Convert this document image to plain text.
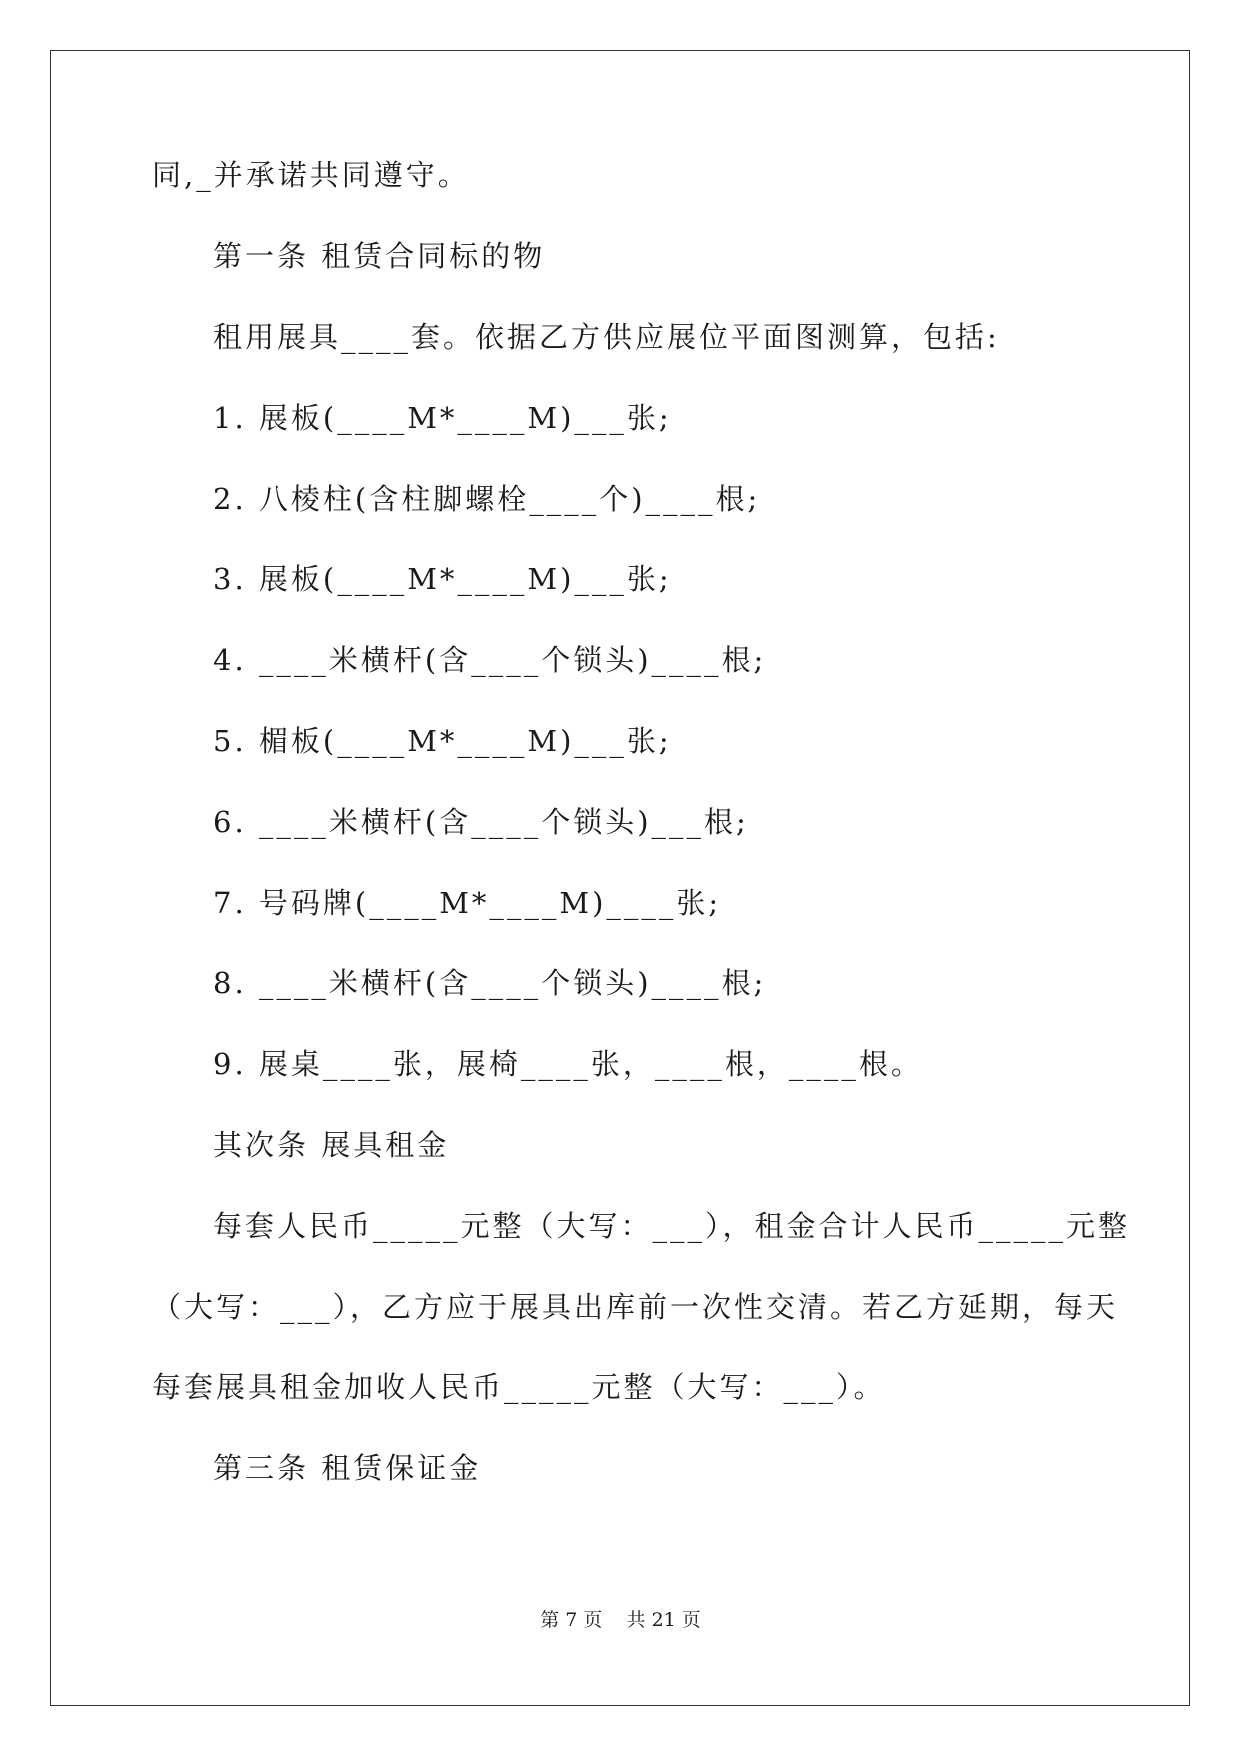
同,_并承诺共同遵守。
第一条 租赁合同标的物
租用展具____套。依据乙方供应展位平面图测算，包括:
1. 展板(____M*____M)___张;
2. 八棱柱(含柱脚螺栓____个)____根;
3. 展板(____M*____M)___张;
4. ____米横杆(含____个锁头)____根;
5. 楣板(____M*____M)___张;
6. ____米横杆(含____个锁头)___根;
7. 号码牌(____M*____M)____张;
8. ____米横杆(含____个锁头)____根;
9. 展桌____张，展椅____张，____根，____根。
其次条 展具租金
每套人民币_____元整（大写：___），租金合计人民币_____元整
（大写：___），乙方应于展具出库前一次性交清。若乙方延期，每天
每套展具租金加收人民币_____元整（大写：___）。
第三条 租赁保证金
第 7 页    共 21 页
